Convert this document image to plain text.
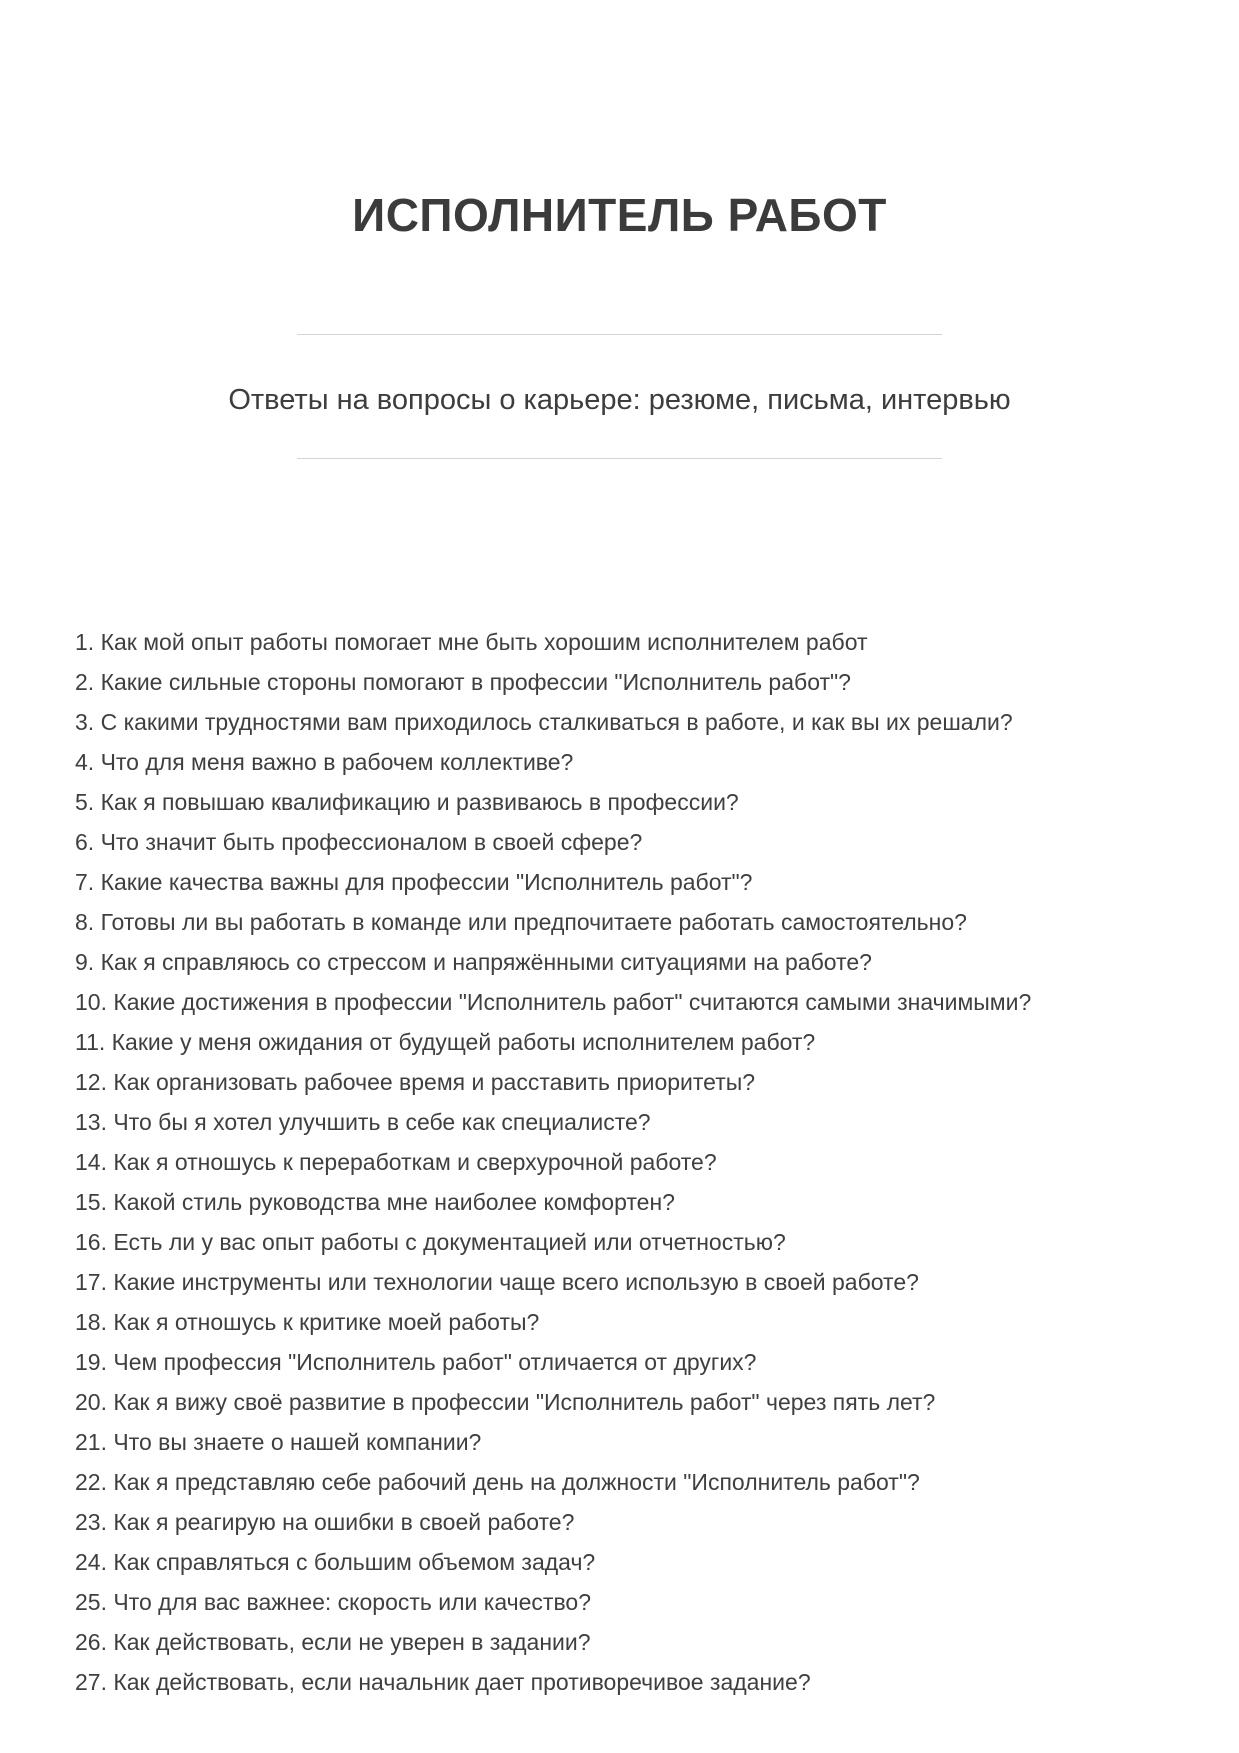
ИСПОЛНИТЕЛЬ РАБОТ
Ответы на вопросы о карьере: резюме, письма, интервью
1. Как мой опыт работы помогает мне быть хорошим исполнителем работ
2. Какие сильные стороны помогают в профессии "Исполнитель работ"?
3. С какими трудностями вам приходилось сталкиваться в работе, и как вы их решали?
4. Что для меня важно в рабочем коллективе?
5. Как я повышаю квалификацию и развиваюсь в профессии?
6. Что значит быть профессионалом в своей сфере?
7. Какие качества важны для профессии "Исполнитель работ"?
8. Готовы ли вы работать в команде или предпочитаете работать самостоятельно?
9. Как я справляюсь со стрессом и напряжёнными ситуациями на работе?
10. Какие достижения в профессии "Исполнитель работ" считаются самыми значимыми?
11. Какие у меня ожидания от будущей работы исполнителем работ?
12. Как организовать рабочее время и расставить приоритеты?
13. Что бы я хотел улучшить в себе как специалисте?
14. Как я отношусь к переработкам и сверхурочной работе?
15. Какой стиль руководства мне наиболее комфортен?
16. Есть ли у вас опыт работы с документацией или отчетностью?
17. Какие инструменты или технологии чаще всего использую в своей работе?
18. Как я отношусь к критике моей работы?
19. Чем профессия "Исполнитель работ" отличается от других?
20. Как я вижу своё развитие в профессии "Исполнитель работ" через пять лет?
21. Что вы знаете о нашей компании?
22. Как я представляю себе рабочий день на должности "Исполнитель работ"?
23. Как я реагирую на ошибки в своей работе?
24. Как справляться с большим объемом задач?
25. Что для вас важнее: скорость или качество?
26. Как действовать, если не уверен в задании?
27. Как действовать, если начальник дает противоречивое задание?
